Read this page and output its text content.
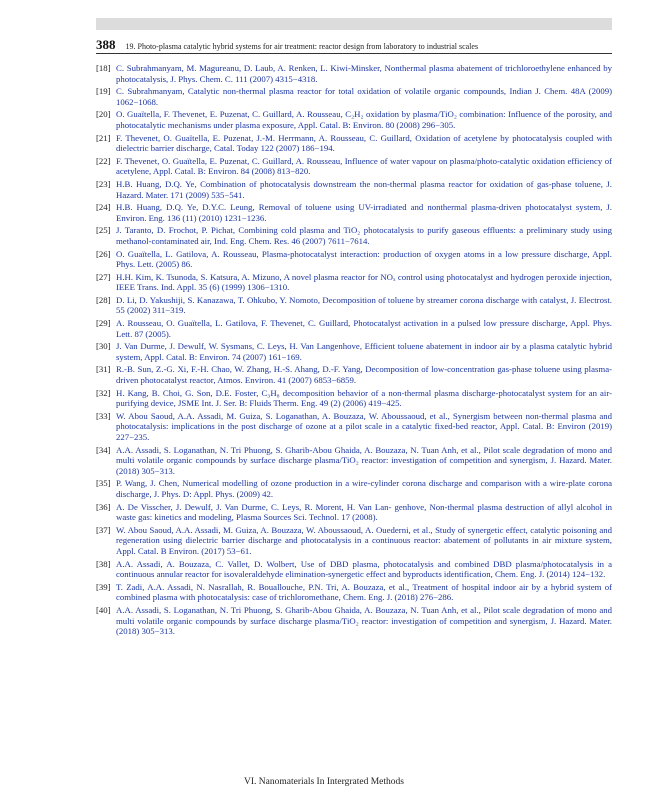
388 19. Photo-plasma catalytic hybrid systems for air treatment: reactor design from laboratory to industrial scales
[18] C. Subrahmanyam, M. Magureanu, D. Laub, A. Renken, L. Kiwi-Minsker, Nonthermal plasma abatement of trichloroethylene enhanced by photocatalysis, J. Phys. Chem. C. 111 (2007) 4315−4318.
[19] C. Subrahmanyam, Catalytic non-thermal plasma reactor for total oxidation of volatile organic compounds, Indian J. Chem. 48A (2009) 1062−1068.
[20] O. Guaïtella, F. Thevenet, E. Puzenat, C. Guillard, A. Rousseau, C₂H₂ oxidation by plasma/TiO₂ combination: Influence of the porosity, and photocatalytic mechanisms under plasma exposure, Appl. Catal. B: Environ. 80 (2008) 296−305.
[21] F. Thevenet, O. Guaïtella, E. Puzenat, J.-M. Herrmann, A. Rousseau, C. Guillard, Oxidation of acetylene by photocatalysis coupled with dielectric barrier discharge, Catal. Today 122 (2007) 186−194.
[22] F. Thevenet, O. Guaïtella, E. Puzenat, C. Guillard, A. Rousseau, Influence of water vapour on plasma/photo-catalytic oxidation efficiency of acetylene, Appl. Catal. B: Environ. 84 (2008) 813−820.
[23] H.B. Huang, D.Q. Ye, Combination of photocatalysis downstream the non-thermal plasma reactor for oxidation of gas-phase toluene, J. Hazard. Mater. 171 (2009) 535−541.
[24] H.B. Huang, D.Q. Ye, D.Y.C. Leung, Removal of toluene using UV-irradiated and nonthermal plasma-driven photocatalyst system, J. Environ. Eng. 136 (11) (2010) 1231−1236.
[25] J. Taranto, D. Frochot, P. Pichat, Combining cold plasma and TiO₂ photocatalysis to purify gaseous effluents: a preliminary study using methanol-contaminated air, Ind. Eng. Chem. Res. 46 (2007) 7611−7614.
[26] O. Guaïtella, L. Gatilova, A. Rousseau, Plasma-photocatalyst interaction: production of oxygen atoms in a low pressure discharge, Appl. Phys. Lett. (2005) 86.
[27] H.H. Kim, K. Tsunoda, S. Katsura, A. Mizuno, A novel plasma reactor for NOₓ control using photocatalyst and hydrogen peroxide injection, IEEE Trans. Ind. Appl. 35 (6) (1999) 1306−1310.
[28] D. Li, D. Yakushiji, S. Kanazawa, T. Ohkubo, Y. Nomoto, Decomposition of toluene by streamer corona discharge with catalyst, J. Electrost. 55 (2002) 311−319.
[29] A. Rousseau, O. Guaïtella, L. Gatilova, F. Thevenet, C. Guillard, Photocatalyst activation in a pulsed low pressure discharge, Appl. Phys. Lett. 87 (2005).
[30] J. Van Durme, J. Dewulf, W. Sysmans, C. Leys, H. Van Langenhove, Efficient toluene abatement in indoor air by a plasma catalytic hybrid system, Appl. Catal. B: Environ. 74 (2007) 161−169.
[31] R.-B. Sun, Z.-G. Xi, F.-H. Chao, W. Zhang, H.-S. Ahang, D.-F. Yang, Decomposition of low-concentration gas-phase toluene using plasma-driven photocatalyst reactor, Atmos. Environ. 41 (2007) 6853−6859.
[32] H. Kang, B. Choi, G. Son, D.E. Foster, C₃H₈ decomposition behavior of a non-thermal plasma discharge-photocatalyst system for an air-purifying device, JSME Int. J. Ser. B: Fluids Therm. Eng. 49 (2) (2006) 419−425.
[33] W. Abou Saoud, A.A. Assadi, M. Guiza, S. Loganathan, A. Bouzaza, W. Aboussaoud, et al., Synergism between non-thermal plasma and photocatalysis: implications in the post discharge of ozone at a pilot scale in a catalytic fixed-bed reactor, Appl. Catal. B: Environ (2019) 227−235.
[34] A.A. Assadi, S. Loganathan, N. Tri Phuong, S. Gharib-Abou Ghaida, A. Bouzaza, N. Tuan Anh, et al., Pilot scale degradation of mono and multi volatile organic compounds by surface discharge plasma/TiO₂ reactor: investigation of competition and synergism, J. Hazard. Mater. (2018) 305−313.
[35] P. Wang, J. Chen, Numerical modelling of ozone production in a wire-cylinder corona discharge and comparison with a wire-plate corona discharge, J. Phys. D: Appl. Phys. (2009) 42.
[36] A. De Visscher, J. Dewulf, J. Van Durme, C. Leys, R. Morent, H. Van Lan- genhove, Non-thermal plasma destruction of allyl alcohol in waste gas: kinetics and modeling, Plasma Sources Sci. Technol. 17 (2008).
[37] W. Abou Saoud, A.A. Assadi, M. Guiza, A. Bouzaza, W. Aboussaoud, A. Ouederni, et al., Study of synergetic effect, catalytic poisoning and regeneration using dielectric barrier discharge and photocatalysis in a continuous reactor: abatement of pollutants in air mixture system, Appl. Catal. B Environ. (2017) 53−61.
[38] A.A. Assadi, A. Bouzaza, C. Vallet, D. Wolbert, Use of DBD plasma, photocatalysis and combined DBD plasma/photocatalysis in a continuous annular reactor for isovaleraldehyde elimination-synergetic effect and byproducts identification, Chem. Eng. J. (2014) 124−132.
[39] T. Zadi, A.A. Assadi, N. Nasrallah, R. Bouallouche, P.N. Tri, A. Bouzaza, et al., Treatment of hospital indoor air by a hybrid system of combined plasma with photocatalysis: case of trichloromethane, Chem. Eng. J. (2018) 276−286.
[40] A.A. Assadi, S. Loganathan, N. Tri Phuong, S. Gharib-Abou Ghaida, A. Bouzaza, N. Tuan Anh, et al., Pilot scale degradation of mono and multi volatile organic compounds by surface discharge plasma/TiO₂ reactor: investigation of competition and synergism, J. Hazard. Mater. (2018) 305−313.
VI. Nanomaterials In Intergrated Methods
